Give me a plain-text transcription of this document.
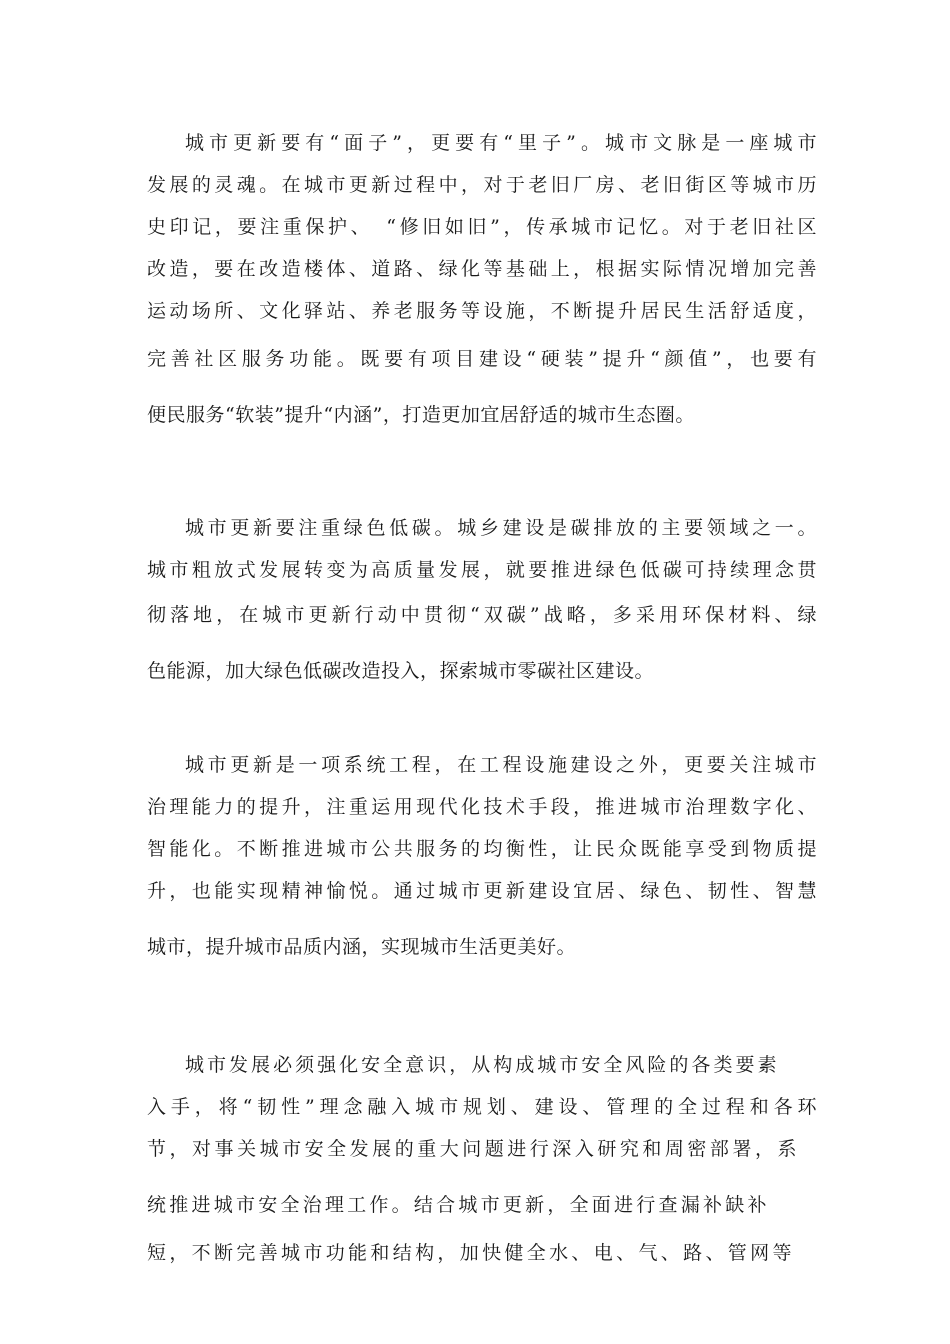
城市更新要有“面子”，更要有“里子”。城市文脉是一座城市
发展的灵魂。在城市更新过程中，对于老旧厂房、老旧街区等城市历
史印记，要注重保护、　“修旧如旧”，传承城市记忆。对于老旧社区
改造，要在改造楼体、道路、绿化等基础上，根据实际情况增加完善
运动场所、文化驿站、养老服务等设施，不断提升居民生活舒适度，
完善社区服务功能。既要有项目建设“硬装”提升“颜值”，也要有
便民服务“软装”提升“内涵”，打造更加宜居舒适的城市生态圈。
城市更新要注重绿色低碳。城乡建设是碳排放的主要领域之一。
城市粗放式发展转变为高质量发展，就要推进绿色低碳可持续理念贯
彻落地，在城市更新行动中贯彻“双碳”战略，多采用环保材料、绿
色能源，加大绿色低碳改造投入，探索城市零碳社区建设。
城市更新是一项系统工程，在工程设施建设之外，更要关注城市
治理能力的提升，注重运用现代化技术手段，推进城市治理数字化、
智能化。不断推进城市公共服务的均衡性，让民众既能享受到物质提
升，也能实现精神愉悦。通过城市更新建设宜居、绿色、韧性、智慧
城市，提升城市品质内涵，实现城市生活更美好。
城市发展必须强化安全意识，从构成城市安全风险的各类要素
入手，将“韧性”理念融入城市规划、建设、管理的全过程和各环
节，对事关城市安全发展的重大问题进行深入研究和周密部署，系
统推进城市安全治理工作。结合城市更新，全面进行查漏补缺补
短，不断完善城市功能和结构，加快健全水、电、气、路、管网等
